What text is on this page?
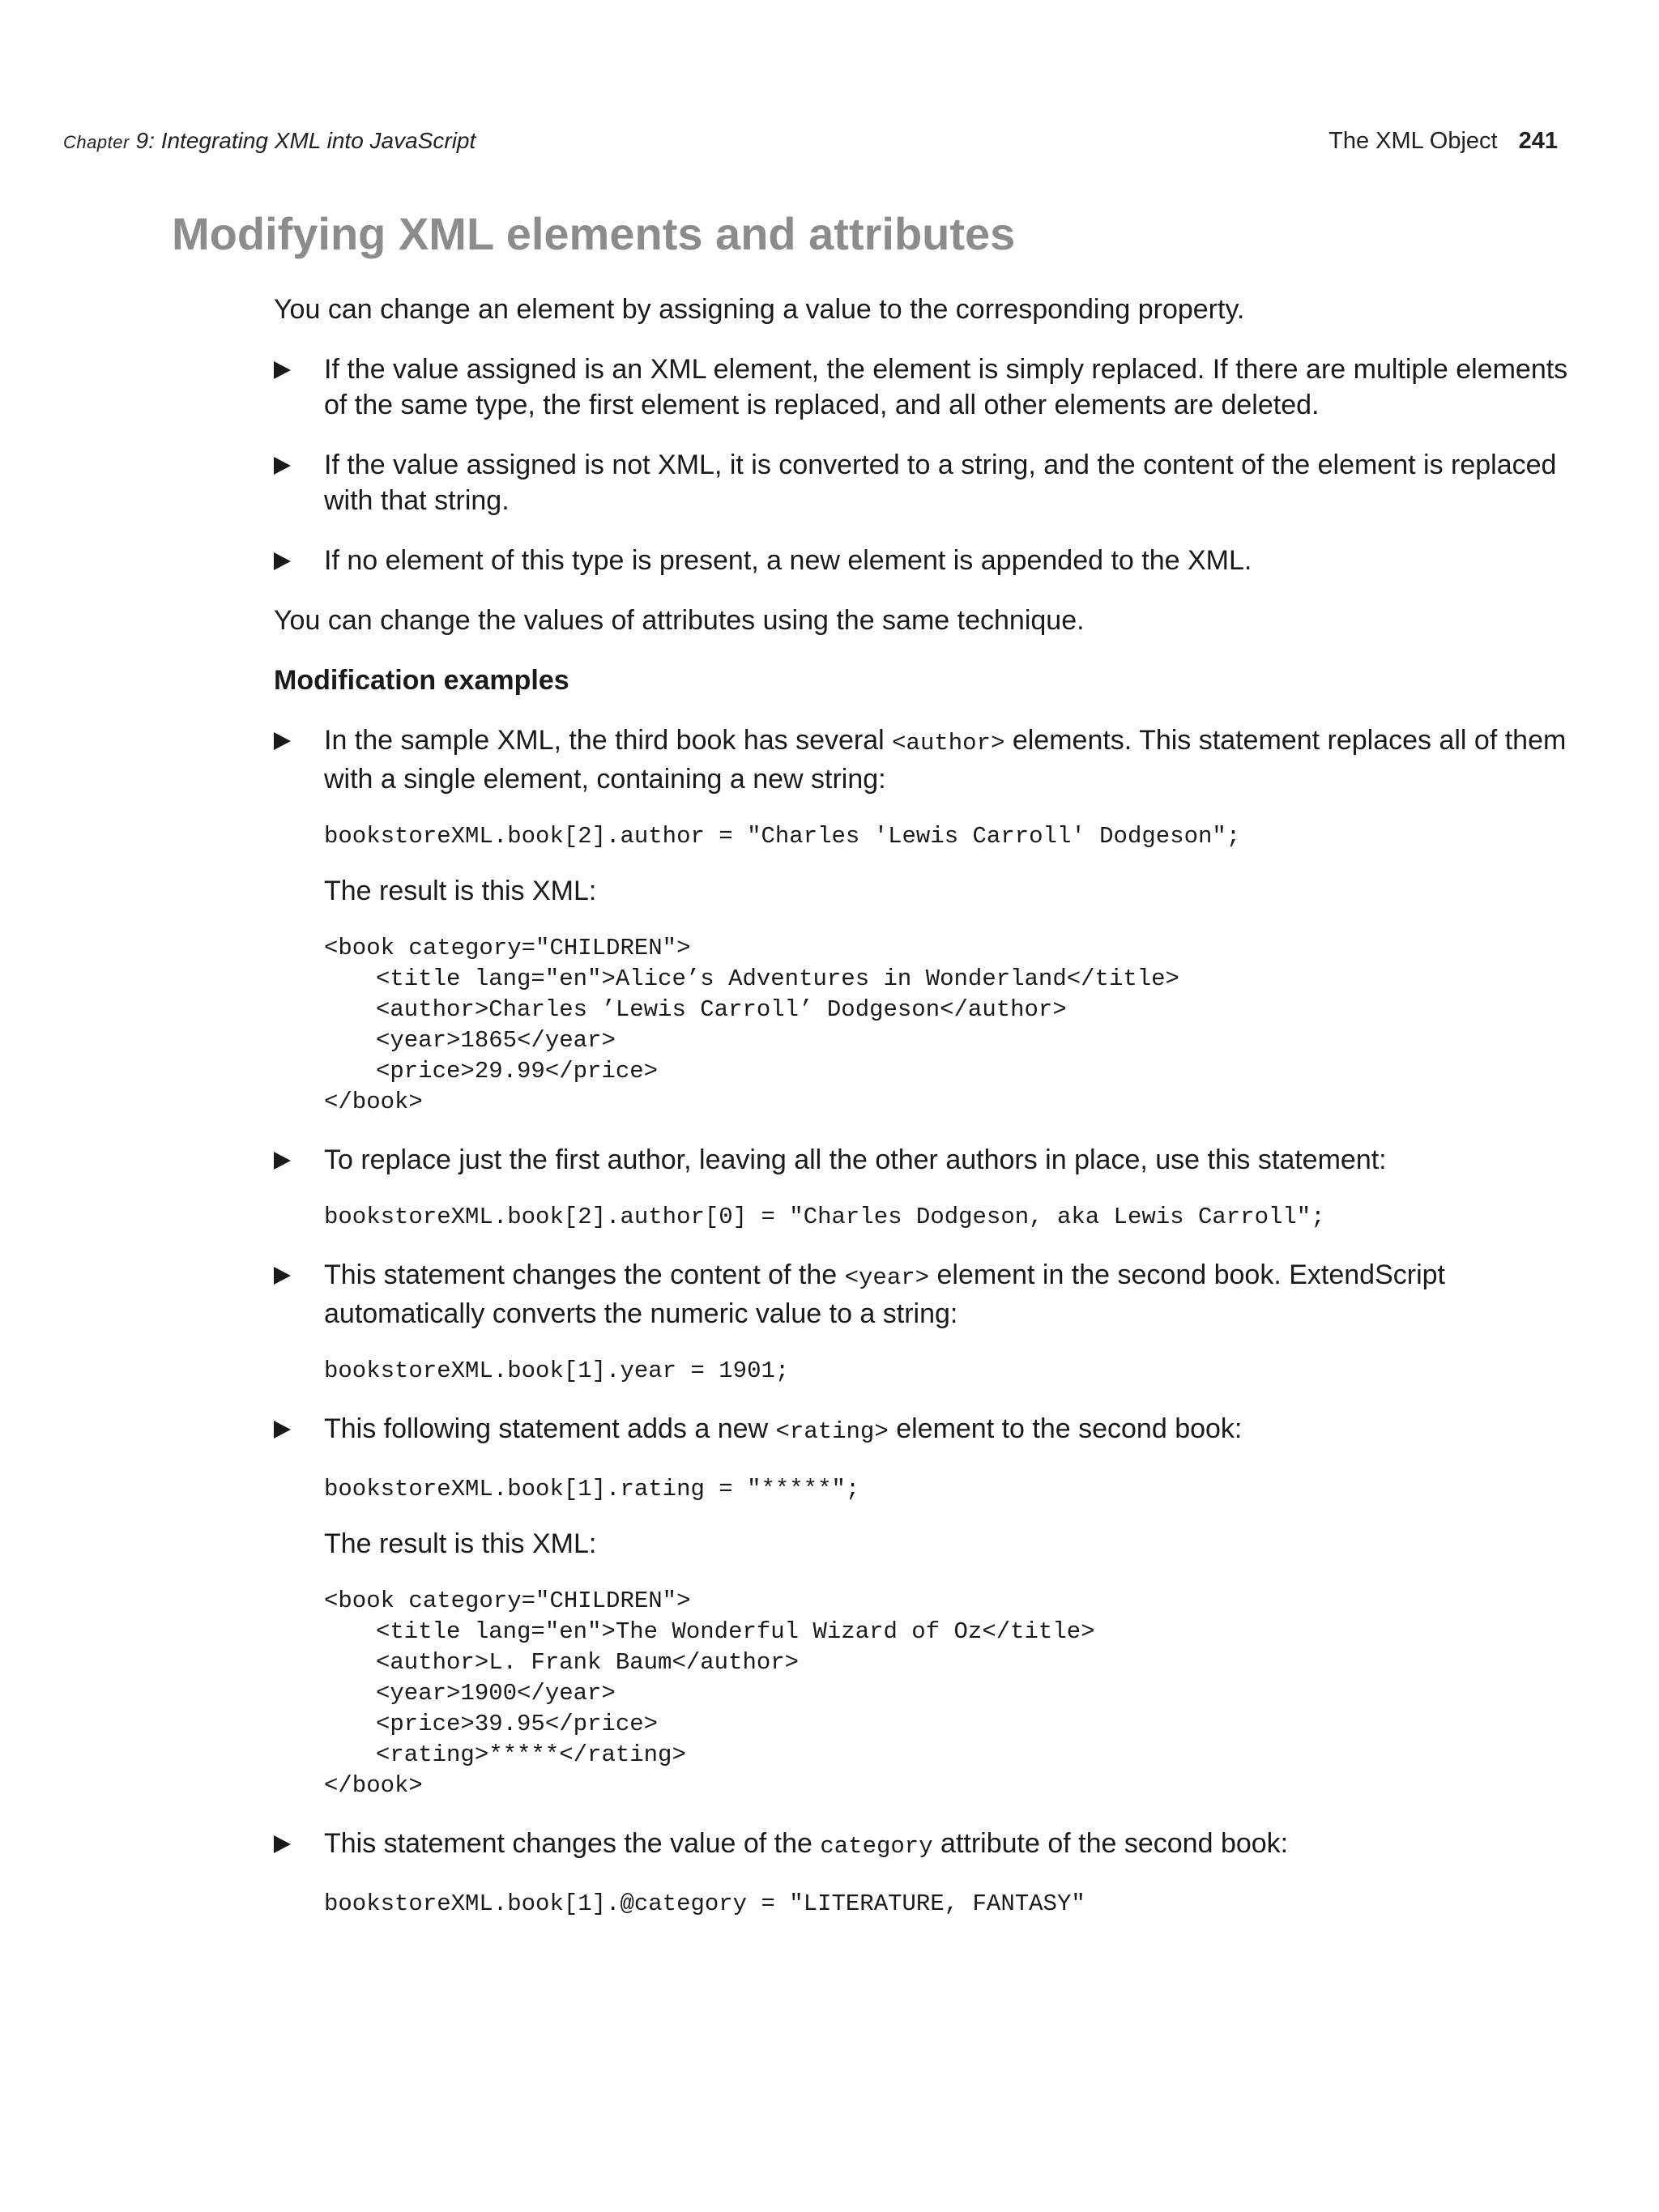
Chapter 9: Integrating XML into JavaScript	The XML Object 241
Modifying XML elements and attributes

You can change an element by assigning a value to the corresponding property.

If the value assigned is an XML element, the element is simply replaced. If there are multiple elements of the same type, the first element is replaced, and all other elements are deleted.

If the value assigned is not XML, it is converted to a string, and the content of the element is replaced with that string.

If no element of this type is present, a new element is appended to the XML.

You can change the values of attributes using the same technique.

Modification examples

In the sample XML, the third book has several <author> elements. This statement replaces all of them with a single element, containing a new string:

bookstoreXML.book[2].author = "Charles 'Lewis Carroll' Dodgeson";

The result is this XML:

<book category="CHILDREN">
<title lang="en">Alice’s Adventures in Wonderland</title>
<author>Charles ’Lewis Carroll’ Dodgeson</author>
<year>1865</year>
<price>29.99</price>
</book>

To replace just the first author, leaving all the other authors in place, use this statement:

bookstoreXML.book[2].author[0] = "Charles Dodgeson, aka Lewis Carroll";

This statement changes the content of the <year> element in the second book. ExtendScript automatically converts the numeric value to a string:

bookstoreXML.book[1].year = 1901;

This following statement adds a new <rating> element to the second book:

bookstoreXML.book[1].rating = "*****";

The result is this XML:

<book category="CHILDREN">
<title lang="en">The Wonderful Wizard of Oz</title>
<author>L. Frank Baum</author>
<year>1900</year>
<price>39.95</price>
<rating>*****</rating>
</book>

This statement changes the value of the category attribute of the second book:

bookstoreXML.book[1].@category = "LITERATURE, FANTASY"
